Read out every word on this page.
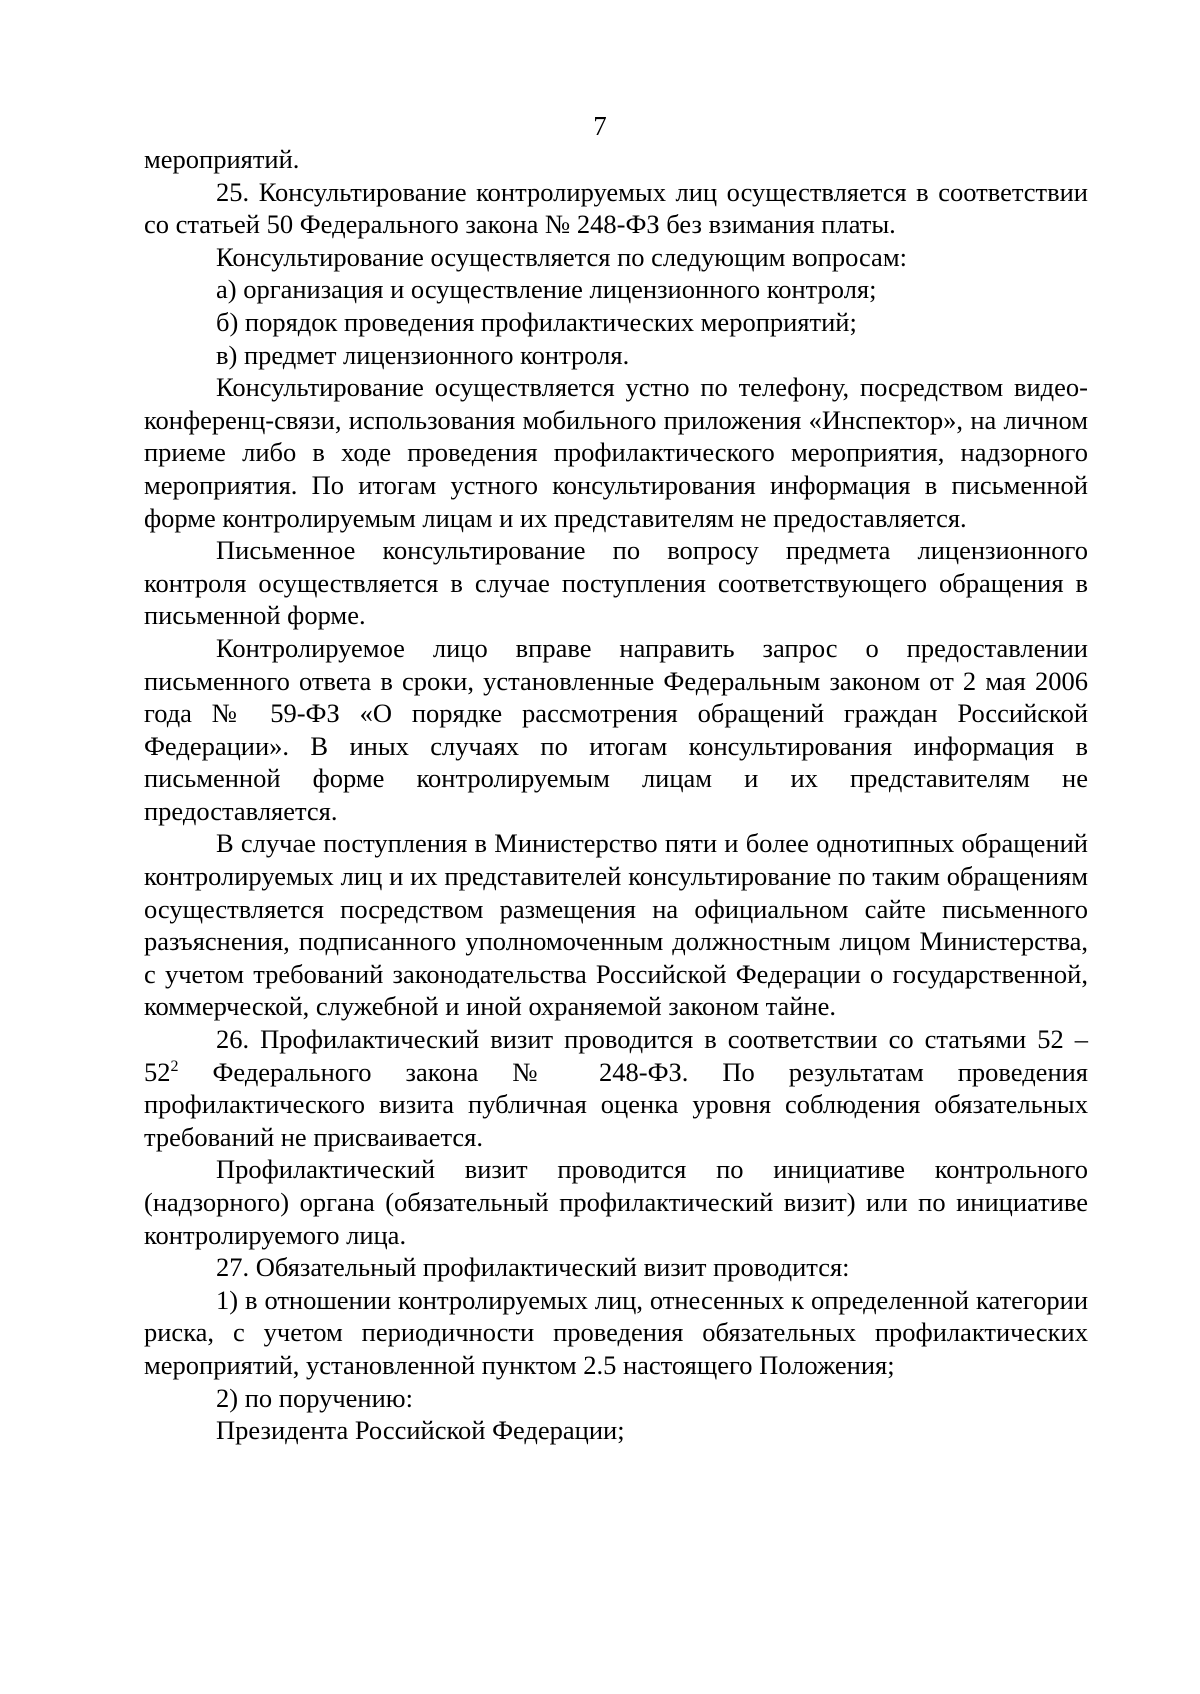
7

мероприятий.

25. Консультирование контролируемых лиц осуществляется в соответствии со статьей 50 Федерального закона № 248-ФЗ без взимания платы.

Консультирование осуществляется по следующим вопросам:

а) организация и осуществление лицензионного контроля;

б) порядок проведения профилактических мероприятий;

в) предмет лицензионного контроля.

Консультирование осуществляется устно по телефону, посредством видео-конференц-связи, использования мобильного приложения «Инспектор», на личном приеме либо в ходе проведения профилактического мероприятия, надзорного мероприятия. По итогам устного консультирования информация в письменной форме контролируемым лицам и их представителям не предоставляется.

Письменное консультирование по вопросу предмета лицензионного контроля осуществляется в случае поступления соответствующего обращения в письменной форме.

Контролируемое лицо вправе направить запрос о предоставлении письменного ответа в сроки, установленные Федеральным законом от 2 мая 2006 года № 59-ФЗ «О порядке рассмотрения обращений граждан Российской Федерации». В иных случаях по итогам консультирования информация в письменной форме контролируемым лицам и их представителям не предоставляется.

В случае поступления в Министерство пяти и более однотипных обращений контролируемых лиц и их представителей консультирование по таким обращениям осуществляется посредством размещения на официальном сайте письменного разъяснения, подписанного уполномоченным должностным лицом Министерства, с учетом требований законодательства Российской Федерации о государственной, коммерческой, служебной и иной охраняемой законом тайне.

26. Профилактический визит проводится в соответствии со статьями $52 - 52^2$ Федерального закона № 248-ФЗ. По результатам проведения профилактического визита публичная оценка уровня соблюдения обязательных требований не присваивается.

Профилактический визит проводится по инициативе контрольного (надзорного) органа (обязательный профилактический визит) или по инициативе контролируемого лица.

27. Обязательный профилактический визит проводится:

1) в отношении контролируемых лиц, отнесенных к определенной категории риска, с учетом периодичности проведения обязательных профилактических мероприятий, установленной пунктом 2.5 настоящего Положения;

2) по поручению:

Президента Российской Федерации;
